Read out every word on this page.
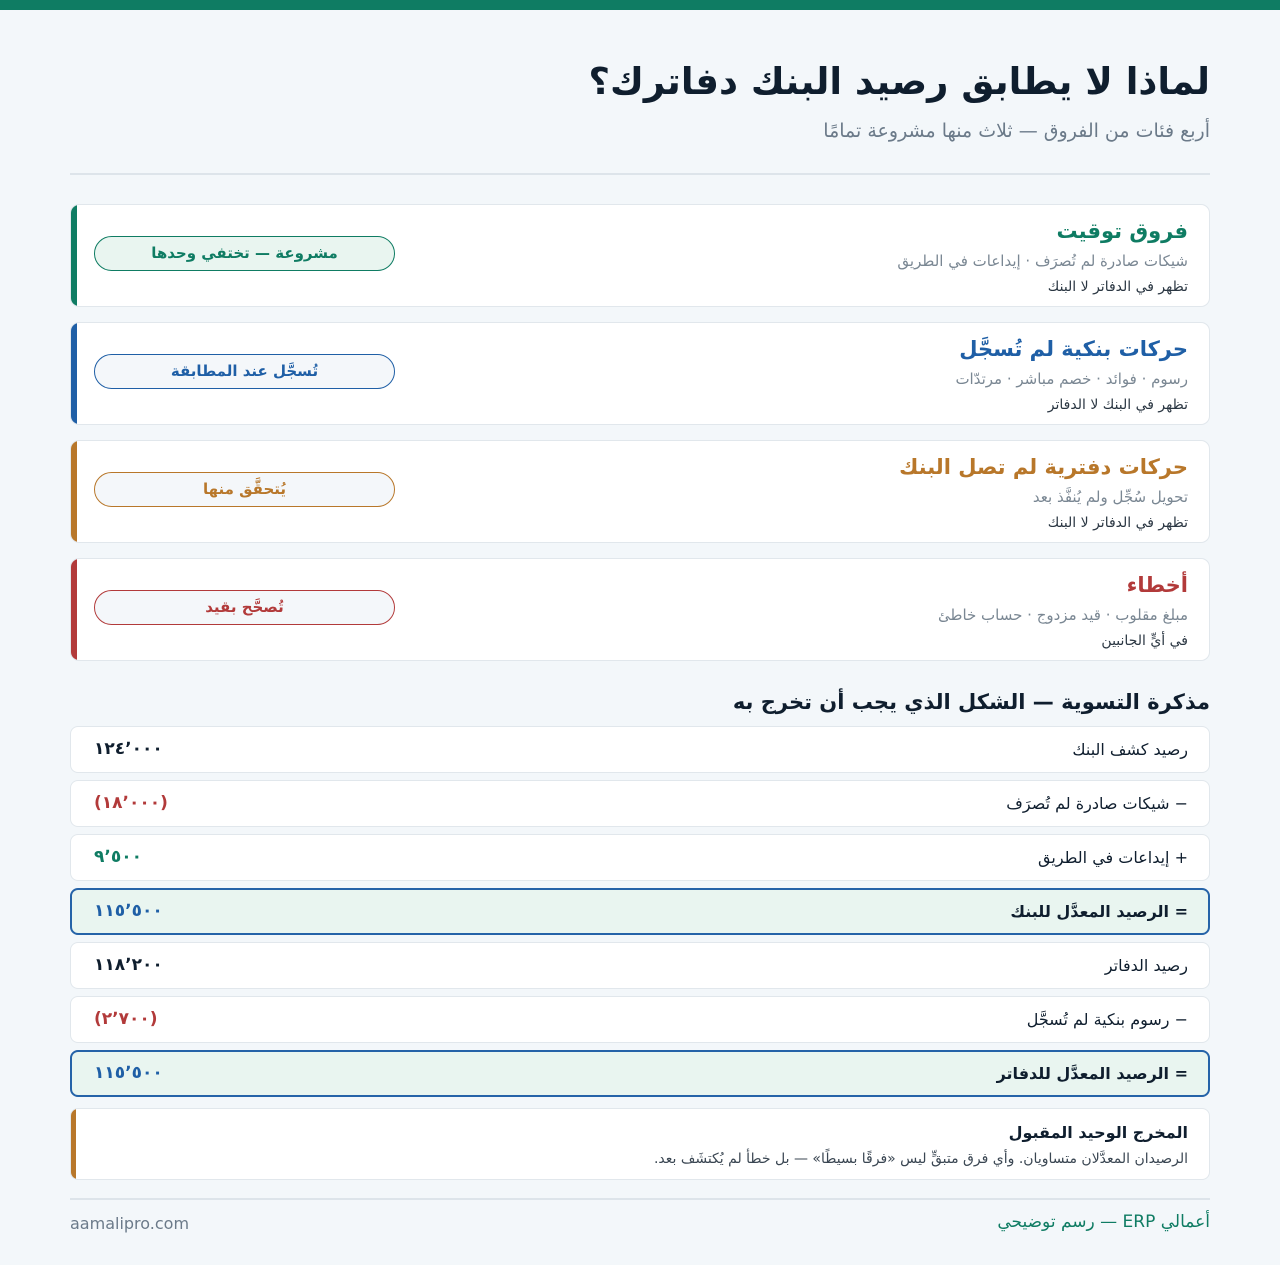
لماذا لا يطابق رصيد البنك دفاترك؟
أربع فئات من الفروق — ثلاث منها مشروعة تمامًا
فروق توقيت
شيكات صادرة لم تُصرَف · إيداعات في الطريق
تظهر في الدفاتر لا البنك
مشروعة — تختفي وحدها
حركات بنكية لم تُسجَّل
رسوم · فوائد · خصم مباشر · مرتدّات
تظهر في البنك لا الدفاتر
تُسجَّل عند المطابقة
حركات دفترية لم تصل البنك
تحويل سُجِّل ولم يُنفَّذ بعد
تظهر في الدفاتر لا البنك
يُتحقَّق منها
أخطاء
مبلغ مقلوب · قيد مزدوج · حساب خاطئ
في أيٍّ الجانبين
تُصحَّح بقيد
مذكرة التسوية — الشكل الذي يجب أن تخرج به
رصيد كشف البنك
١٢٤٬٠٠٠
− شيكات صادرة لم تُصرَف
(١٨٬٠٠٠)
+ إيداعات في الطريق
٩٬٥٠٠
= الرصيد المعدَّل للبنك
١١٥٬٥٠٠
رصيد الدفاتر
١١٨٬٢٠٠
− رسوم بنكية لم تُسجَّل
(٢٬٧٠٠)
= الرصيد المعدَّل للدفاتر
١١٥٬٥٠٠
المخرج الوحيد المقبول
الرصيدان المعدَّلان متساويان. وأي فرق متبقٍّ ليس «فرقًا بسيطًا» — بل خطأ لم يُكتشَف بعد.
aamalipro.com	أعمالي ERP — رسم توضيحي
